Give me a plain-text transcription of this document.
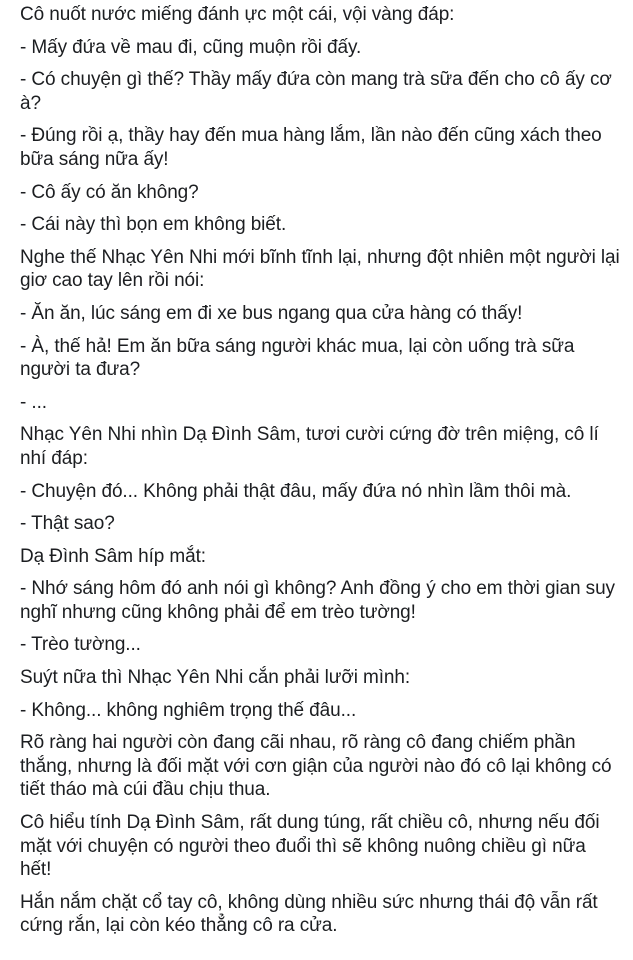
Cô nuốt nước miếng đánh ực một cái, vội vàng đáp:

- Mấy đứa về mau đi, cũng muộn rồi đấy.

- Có chuyện gì thế? Thầy mấy đứa còn mang trà sữa đến cho cô ấy cơ à?

- Đúng rồi ạ, thầy hay đến mua hàng lắm, lần nào đến cũng xách theo bữa sáng nữa ấy!

- Cô ấy có ăn không?

- Cái này thì bọn em không biết.

Nghe thế Nhạc Yên Nhi mới bĩnh tĩnh lại, nhưng đột nhiên một người lại giơ cao tay lên rồi nói:

- Ăn ăn, lúc sáng em đi xe bus ngang qua cửa hàng có thấy!

- À, thế hả! Em ăn bữa sáng người khác mua, lại còn uống trà sữa người ta đưa?

- ...

Nhạc Yên Nhi nhìn Dạ Đình Sâm, tươi cười cứng đờ trên miệng, cô lí nhí đáp:

- Chuyện đó... Không phải thật đâu, mấy đứa nó nhìn lầm thôi mà.

- Thật sao?

Dạ Đình Sâm híp mắt:

- Nhớ sáng hôm đó anh nói gì không? Anh đồng ý cho em thời gian suy nghĩ nhưng cũng không phải để em trèo tường!

- Trèo tường...

Suýt nữa thì Nhạc Yên Nhi cắn phải lưỡi mình:

- Không... không nghiêm trọng thế đâu...

Rõ ràng hai người còn đang cãi nhau, rõ ràng cô đang chiếm phần thắng, nhưng là đối mặt với cơn giận của người nào đó cô lại không có tiết tháo mà cúi đầu chịu thua.

Cô hiểu tính Dạ Đình Sâm, rất dung túng, rất chiều cô, nhưng nếu đối mặt với chuyện có người theo đuổi thì sẽ không nuông chiều gì nữa hết!

Hắn nắm chặt cổ tay cô, không dùng nhiều sức nhưng thái độ vẫn rất cứng rắn, lại còn kéo thẳng cô ra cửa.
